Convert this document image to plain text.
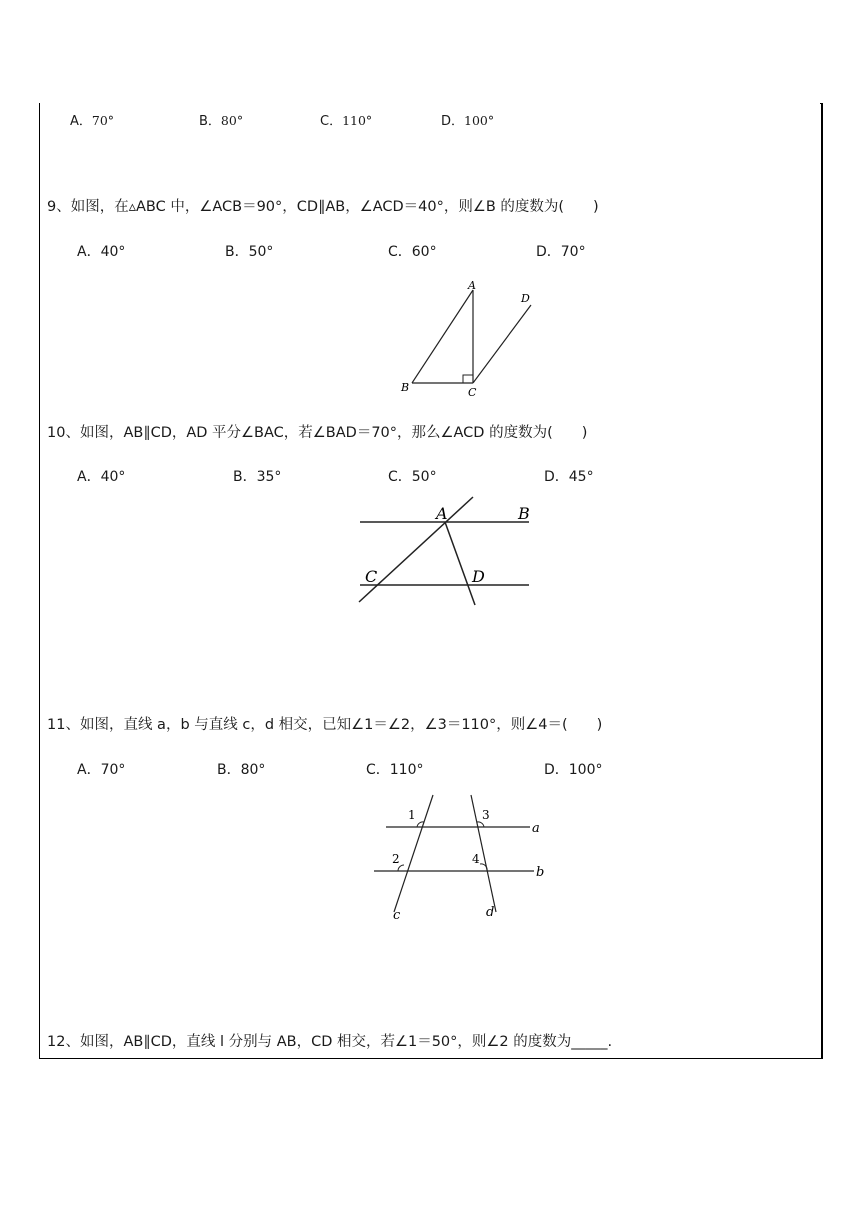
A．70°	B．80°	C．110°	D．100°
9、如图，在▵ABC 中，∠ACB＝90°，CD∥AB，∠ACD＝40°，则∠B 的度数为(　　)
A．40°	B．50°	C．60°	D．70°
A
B	C
D
10、如图，AB∥CD，AD 平分∠BAC，若∠BAD＝70°，那么∠ACD 的度数为(　　)
A．40°	B．35°	C．50°	D．45°
A	B
C	D
11、如图，直线 a，b 与直线 c，d 相交，已知∠1＝∠2，∠3＝110°，则∠4＝(　　)
A．70°	B．80°	C．110°	D．100°
1
2
3
4
a
b
c	d
12、如图，AB∥CD，直线 l 分别与 AB，CD 相交，若∠1＝50°，则∠2 的度数为_____.
